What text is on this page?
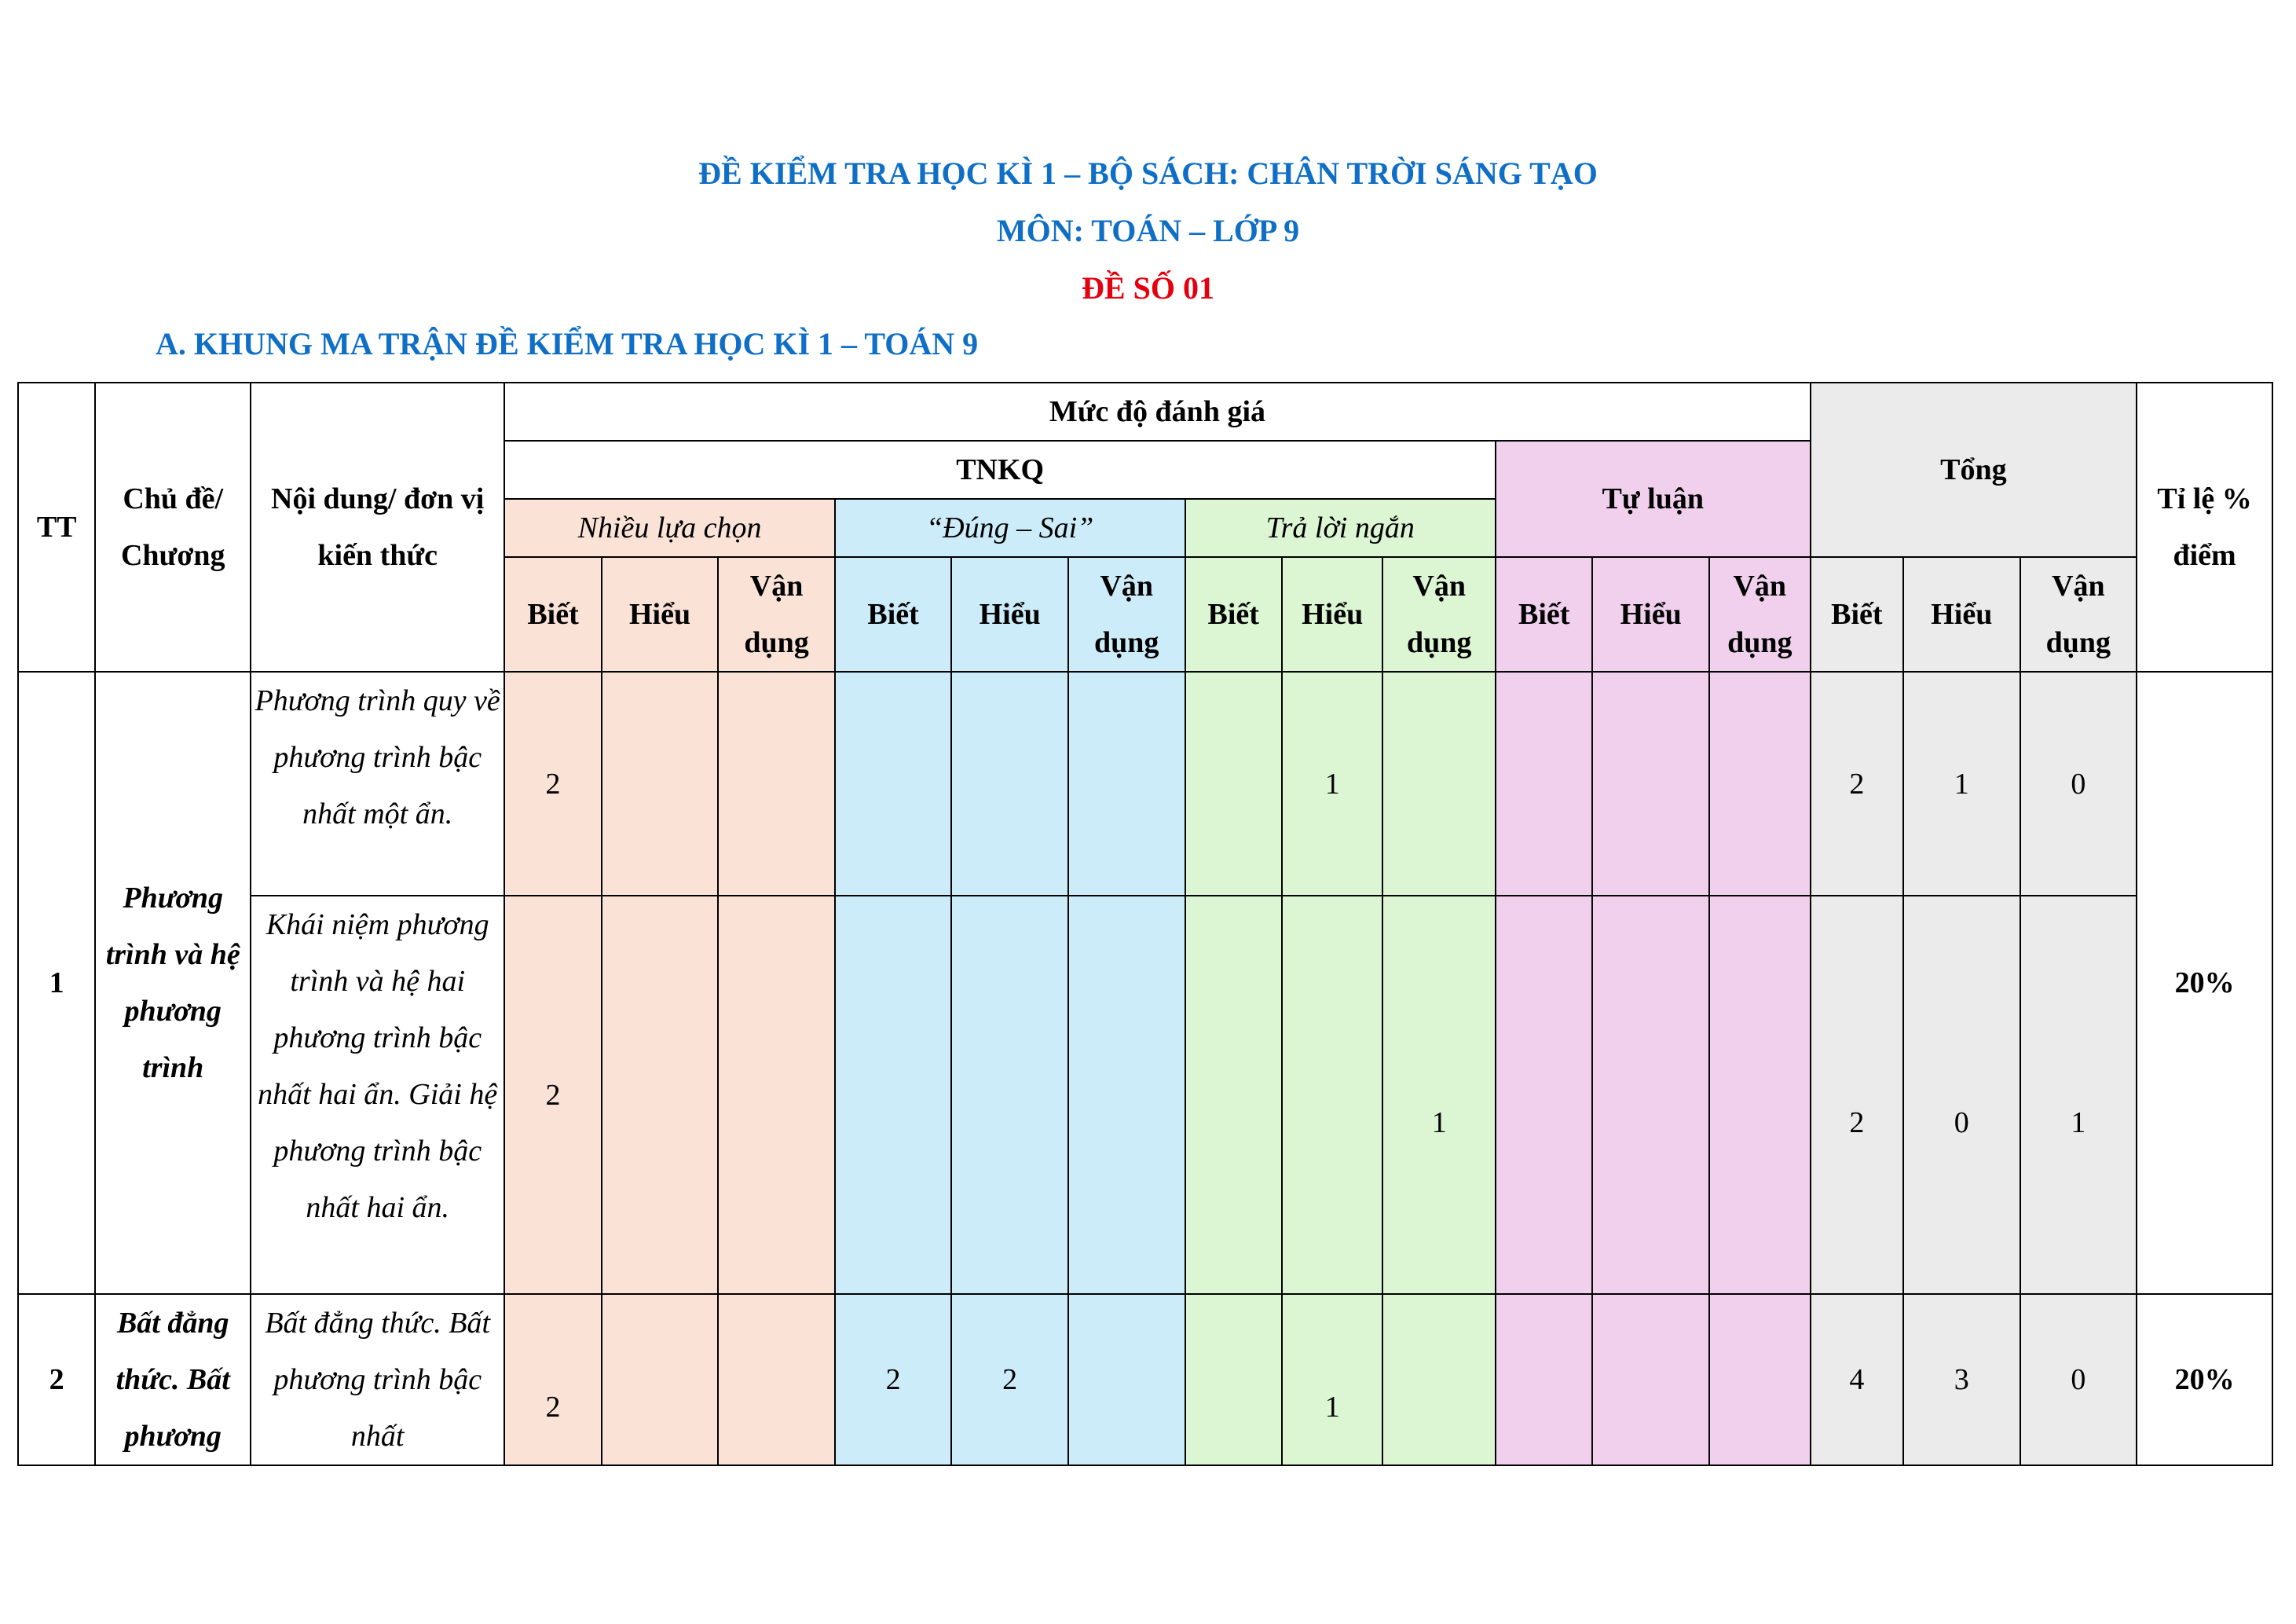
ĐỀ KIỂM TRA HỌC KÌ 1 – BỘ SÁCH: CHÂN TRỜI SÁNG TẠO
MÔN: TOÁN – LỚP 9
ĐỀ SỐ 01
A. KHUNG MA TRẬN ĐỀ KIỂM TRA HỌC KÌ 1 – TOÁN 9
TT	Chủ đề/ Chương	Nội dung/ đơn vị kiến thức	Mức độ đánh giá												Tổng			Tỉ lệ % điểm
			TNKQ									Tự luận						
			Nhiều lựa chọn			“Đúng – Sai”			Trả lời ngắn									
			Biết	Hiểu	Vận dụng	Biết	Hiểu	Vận dụng	Biết	Hiểu	Vận dụng	Biết	Hiểu	Vận dụng	Biết	Hiểu	Vận dụng	
1	Phương trình và hệ phương trình	Phương trình quy về phương trình bậc nhất một ẩn.	2							1					2	1	0	20%
		Khái niệm phương trình và hệ hai phương trình bậc nhất hai ẩn. Giải hệ phương trình bậc nhất hai ẩn.	2								1				2	0	1	
2	Bất đẳng thức. Bất phương	Bất đẳng thức. Bất phương trình bậc nhất	2			2	2			1					4	3	0	20%
